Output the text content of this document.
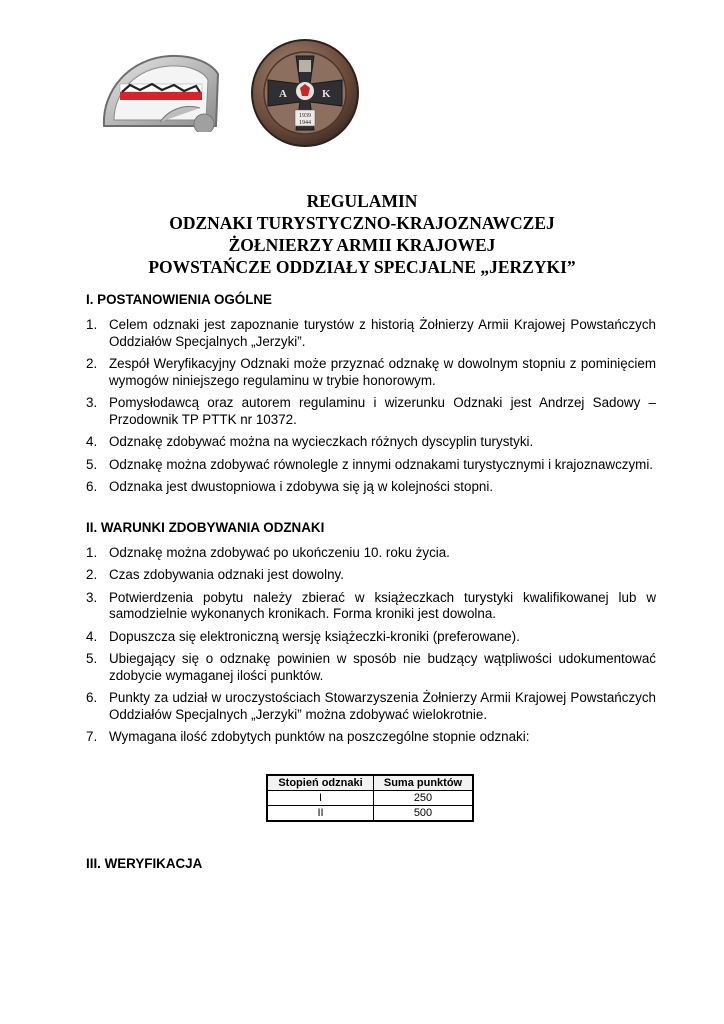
A	K
1939
1944
REGULAMIN
ODZNAKI TURYSTYCZNO-KRAJOZNAWCZEJ
ŻOŁNIERZY ARMII KRAJOWEJ
POWSTAŃCZE ODDZIAŁY SPECJALNE „JERZYKI”
I. POSTANOWIENIA OGÓLNE
1. Celem odznaki jest zapoznanie turystów z historią Żołnierzy Armii Krajowej Powstańczych Oddziałów Specjalnych „Jerzyki”.
2. Zespół Weryfikacyjny Odznaki może przyznać odznakę w dowolnym stopniu z pominięciem wymogów niniejszego regulaminu w trybie honorowym.
3. Pomysłodawcą oraz autorem regulaminu i wizerunku Odznaki jest Andrzej Sadowy – Przodownik TP PTTK nr 10372.
4. Odznakę zdobywać można na wycieczkach różnych dyscyplin turystyki.
5. Odznakę można zdobywać równolegle z innymi odznakami turystycznymi i krajoznawczymi.
6. Odznaka jest dwustopniowa i zdobywa się ją w kolejności stopni.
II. WARUNKI ZDOBYWANIA ODZNAKI
1. Odznakę można zdobywać po ukończeniu 10. roku życia.
2. Czas zdobywania odznaki jest dowolny.
3. Potwierdzenia pobytu należy zbierać w książeczkach turystyki kwalifikowanej lub w samodzielnie wykonanych kronikach. Forma kroniki jest dowolna.
4. Dopuszcza się elektroniczną wersję książeczki-kroniki (preferowane).
5. Ubiegający się o odznakę powinien w sposób nie budzący wątpliwości udokumentować zdobycie wymaganej ilości punktów.
6. Punkty za udział w uroczystościach Stowarzyszenia Żołnierzy Armii Krajowej Powstańczych Oddziałów Specjalnych „Jerzyki” można zdobywać wielokrotnie.
7. Wymagana ilość zdobytych punktów na poszczególne stopnie odznaki:
Stopień odznaki	Suma punktów
I	250
II	500
III. WERYFIKACJA
